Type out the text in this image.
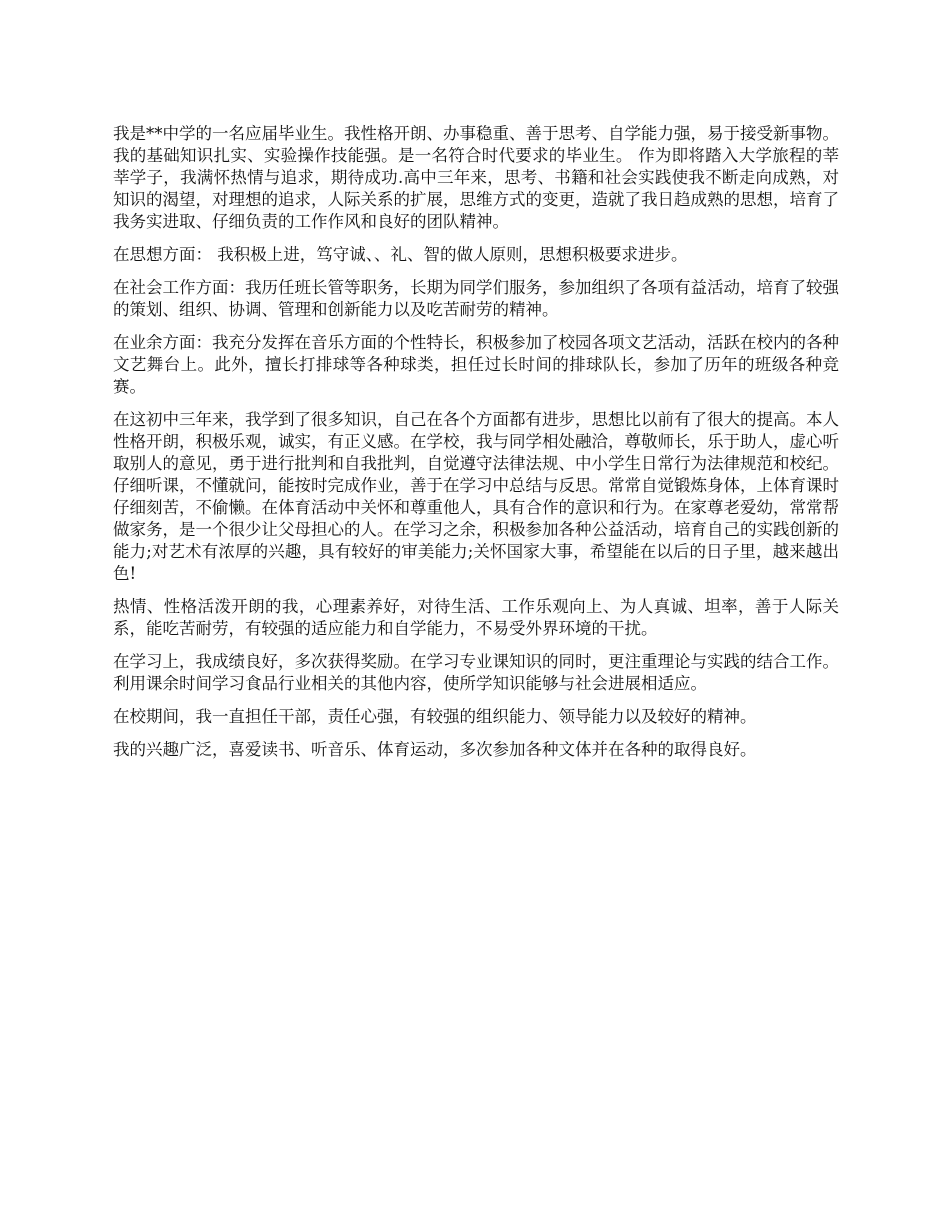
我是**中学的一名应届毕业生。我性格开朗、办事稳重、善于思考、自学能力强，易于接受新事物。我的基础知识扎实、实验操作技能强。是一名符合时代要求的毕业生。 作为即将踏入大学旅程的莘莘学子，我满怀热情与追求，期待成功.高中三年来，思考、书籍和社会实践使我不断走向成熟，对知识的渴望，对理想的追求，人际关系的扩展，思维方式的变更，造就了我日趋成熟的思想，培育了我务实进取、仔细负责的工作作风和良好的团队精神。

在思想方面： 我积极上进，笃守诚、、礼、智的做人原则，思想积极要求进步。

在社会工作方面：我历任班长管等职务，长期为同学们服务，参加组织了各项有益活动，培育了较强的策划、组织、协调、管理和创新能力以及吃苦耐劳的精神。

在业余方面：我充分发挥在音乐方面的个性特长，积极参加了校园各项文艺活动，活跃在校内的各种文艺舞台上。此外，擅长打排球等各种球类，担任过长时间的排球队长，参加了历年的班级各种竞赛。

在这初中三年来，我学到了很多知识，自己在各个方面都有进步，思想比以前有了很大的提高。本人性格开朗，积极乐观，诚实，有正义感。在学校，我与同学相处融洽，尊敬师长，乐于助人，虚心听取别人的意见，勇于进行批判和自我批判，自觉遵守法律法规、中小学生日常行为法律规范和校纪。仔细听课，不懂就问，能按时完成作业，善于在学习中总结与反思。常常自觉锻炼身体，上体育课时仔细刻苦，不偷懒。在体育活动中关怀和尊重他人，具有合作的意识和行为。在家尊老爱幼，常常帮做家务，是一个很少让父母担心的人。在学习之余，积极参加各种公益活动，培育自己的实践创新的能力;对艺术有浓厚的兴趣，具有较好的审美能力;关怀国家大事，希望能在以后的日子里，越来越出色!

热情、性格活泼开朗的我，心理素养好，对待生活、工作乐观向上、为人真诚、坦率，善于人际关系，能吃苦耐劳，有较强的适应能力和自学能力，不易受外界环境的干扰。

在学习上，我成绩良好，多次获得奖励。在学习专业课知识的同时，更注重理论与实践的结合工作。利用课余时间学习食品行业相关的其他内容，使所学知识能够与社会进展相适应。

在校期间，我一直担任干部，责任心强，有较强的组织能力、领导能力以及较好的精神。

我的兴趣广泛，喜爱读书、听音乐、体育运动，多次参加各种文体并在各种的取得良好。
